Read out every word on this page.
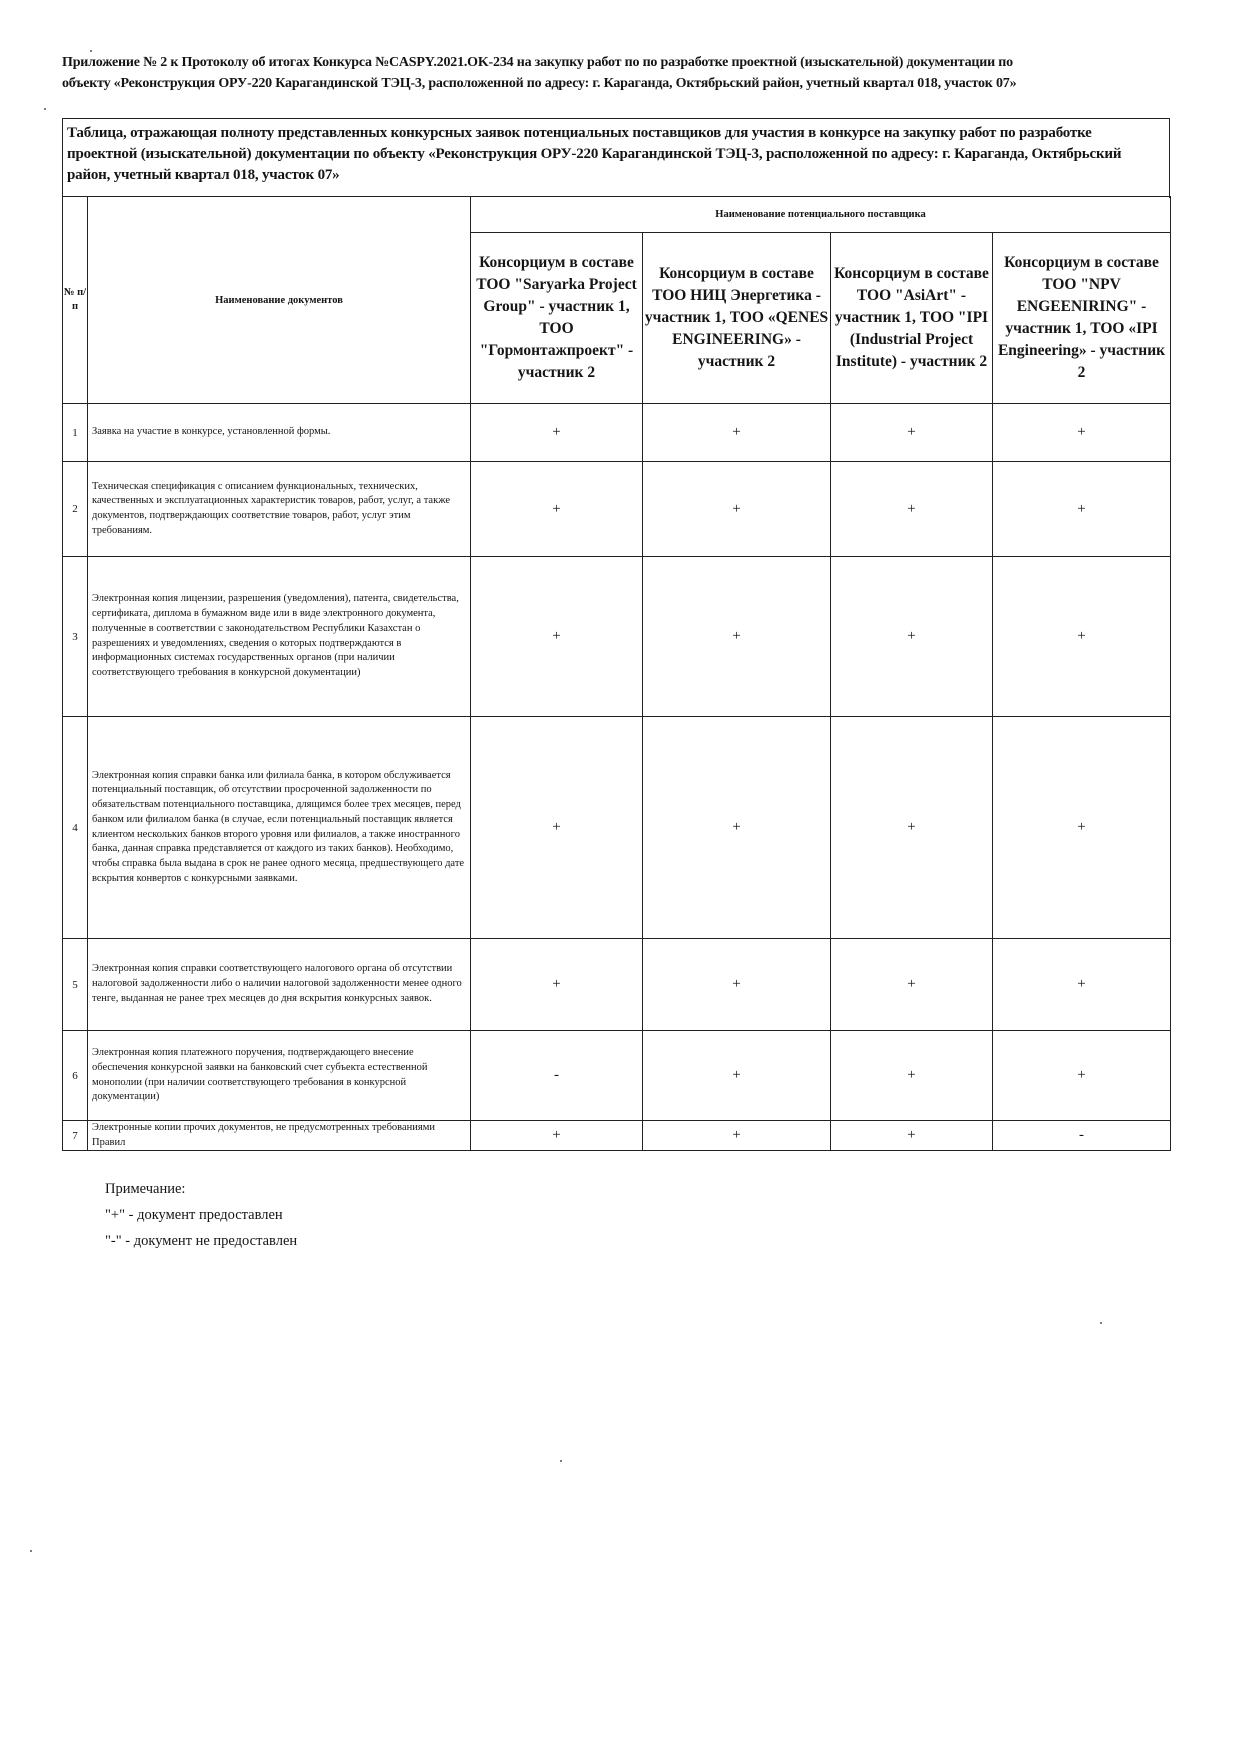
Приложение № 2 к Протоколу об итогах Конкурса №CASPY.2021.OK-234 на закупку работ по по разработке проектной (изыскательной) документации по
объекту «Реконструкция ОРУ-220 Карагандинской ТЭЦ-3, расположенной по адресу: г. Караганда, Октябрьский район, учетный квартал 018, участок 07»
Таблица, отражающая полноту представленных конкурсных заявок потенциальных поставщиков для участия в конкурсе на закупку работ по разработке проектной (изыскательной) документации по объекту «Реконструкция ОРУ-220 Карагандинской ТЭЦ-3, расположенной по адресу: г. Караганда, Октябрьский район, учетный квартал 018, участок 07»
№ п/п	Наименование документов	Наименование потенциального поставщика			
		Консорциум в составе ТОО "Saryarka Project Group" - участник 1, ТОО "Гормонтажпроект" - участник 2	Консорциум в составе ТОО НИЦ Энергетика - участник 1, ТОО «QENES ENGINEERING» - участник 2	Консорциум в составе ТОО "AsiArt" - участник 1, ТОО "IPI (Industrial Project Institute) - участник 2	Консорциум в составе ТОО "NPV ENGEENIRING" - участник 1, ТОО «IPI Engineering» - участник 2
1	Заявка на участие в конкурсе, установленной формы.	+	+	+	+
2	Техническая спецификация с описанием функциональных, технических, качественных и эксплуатационных характеристик товаров, работ, услуг, а также документов, подтверждающих соответствие товаров, работ, услуг этим требованиям.	+	+	+	+
3	Электронная копия лицензии, разрешения (уведомления), патента, свидетельства, сертификата, диплома в бумажном виде или в виде электронного документа, полученные в соответствии с законодательством Республики Казахстан о разрешениях и уведомлениях, сведения о которых подтверждаются в информационных системах государственных органов (при наличии соответствующего требования в конкурсной документации)	+	+	+	+
4	Электронная копия справки банка или филиала банка, в котором обслуживается потенциальный поставщик, об отсутствии просроченной задолженности по обязательствам потенциального поставщика, длящимся более трех месяцев, перед банком или филиалом банка (в случае, если потенциальный поставщик является клиентом нескольких банков второго уровня или филиалов, а также иностранного банка, данная справка представляется от каждого из таких банков). Необходимо, чтобы справка была выдана в срок не ранее одного месяца, предшествующего дате вскрытия конвертов с конкурсными заявками.	+	+	+	+
5	Электронная копия справки соответствующего налогового органа об отсутствии налоговой задолженности либо о наличии налоговой задолженности менее одного тенге, выданная не ранее трех месяцев до дня вскрытия конкурсных заявок.	+	+	+	+
6	Электронная копия платежного поручения, подтверждающего внесение обеспечения конкурсной заявки на банковский счет субъекта естественной монополии (при наличии соответствующего требования в конкурсной документации)	-	+	+	+
7	Электронные копии прочих документов, не предусмотренных требованиями Правил	+	+	+	-
Примечание:
"+" - документ предоставлен
"-" - документ не предоставлен
